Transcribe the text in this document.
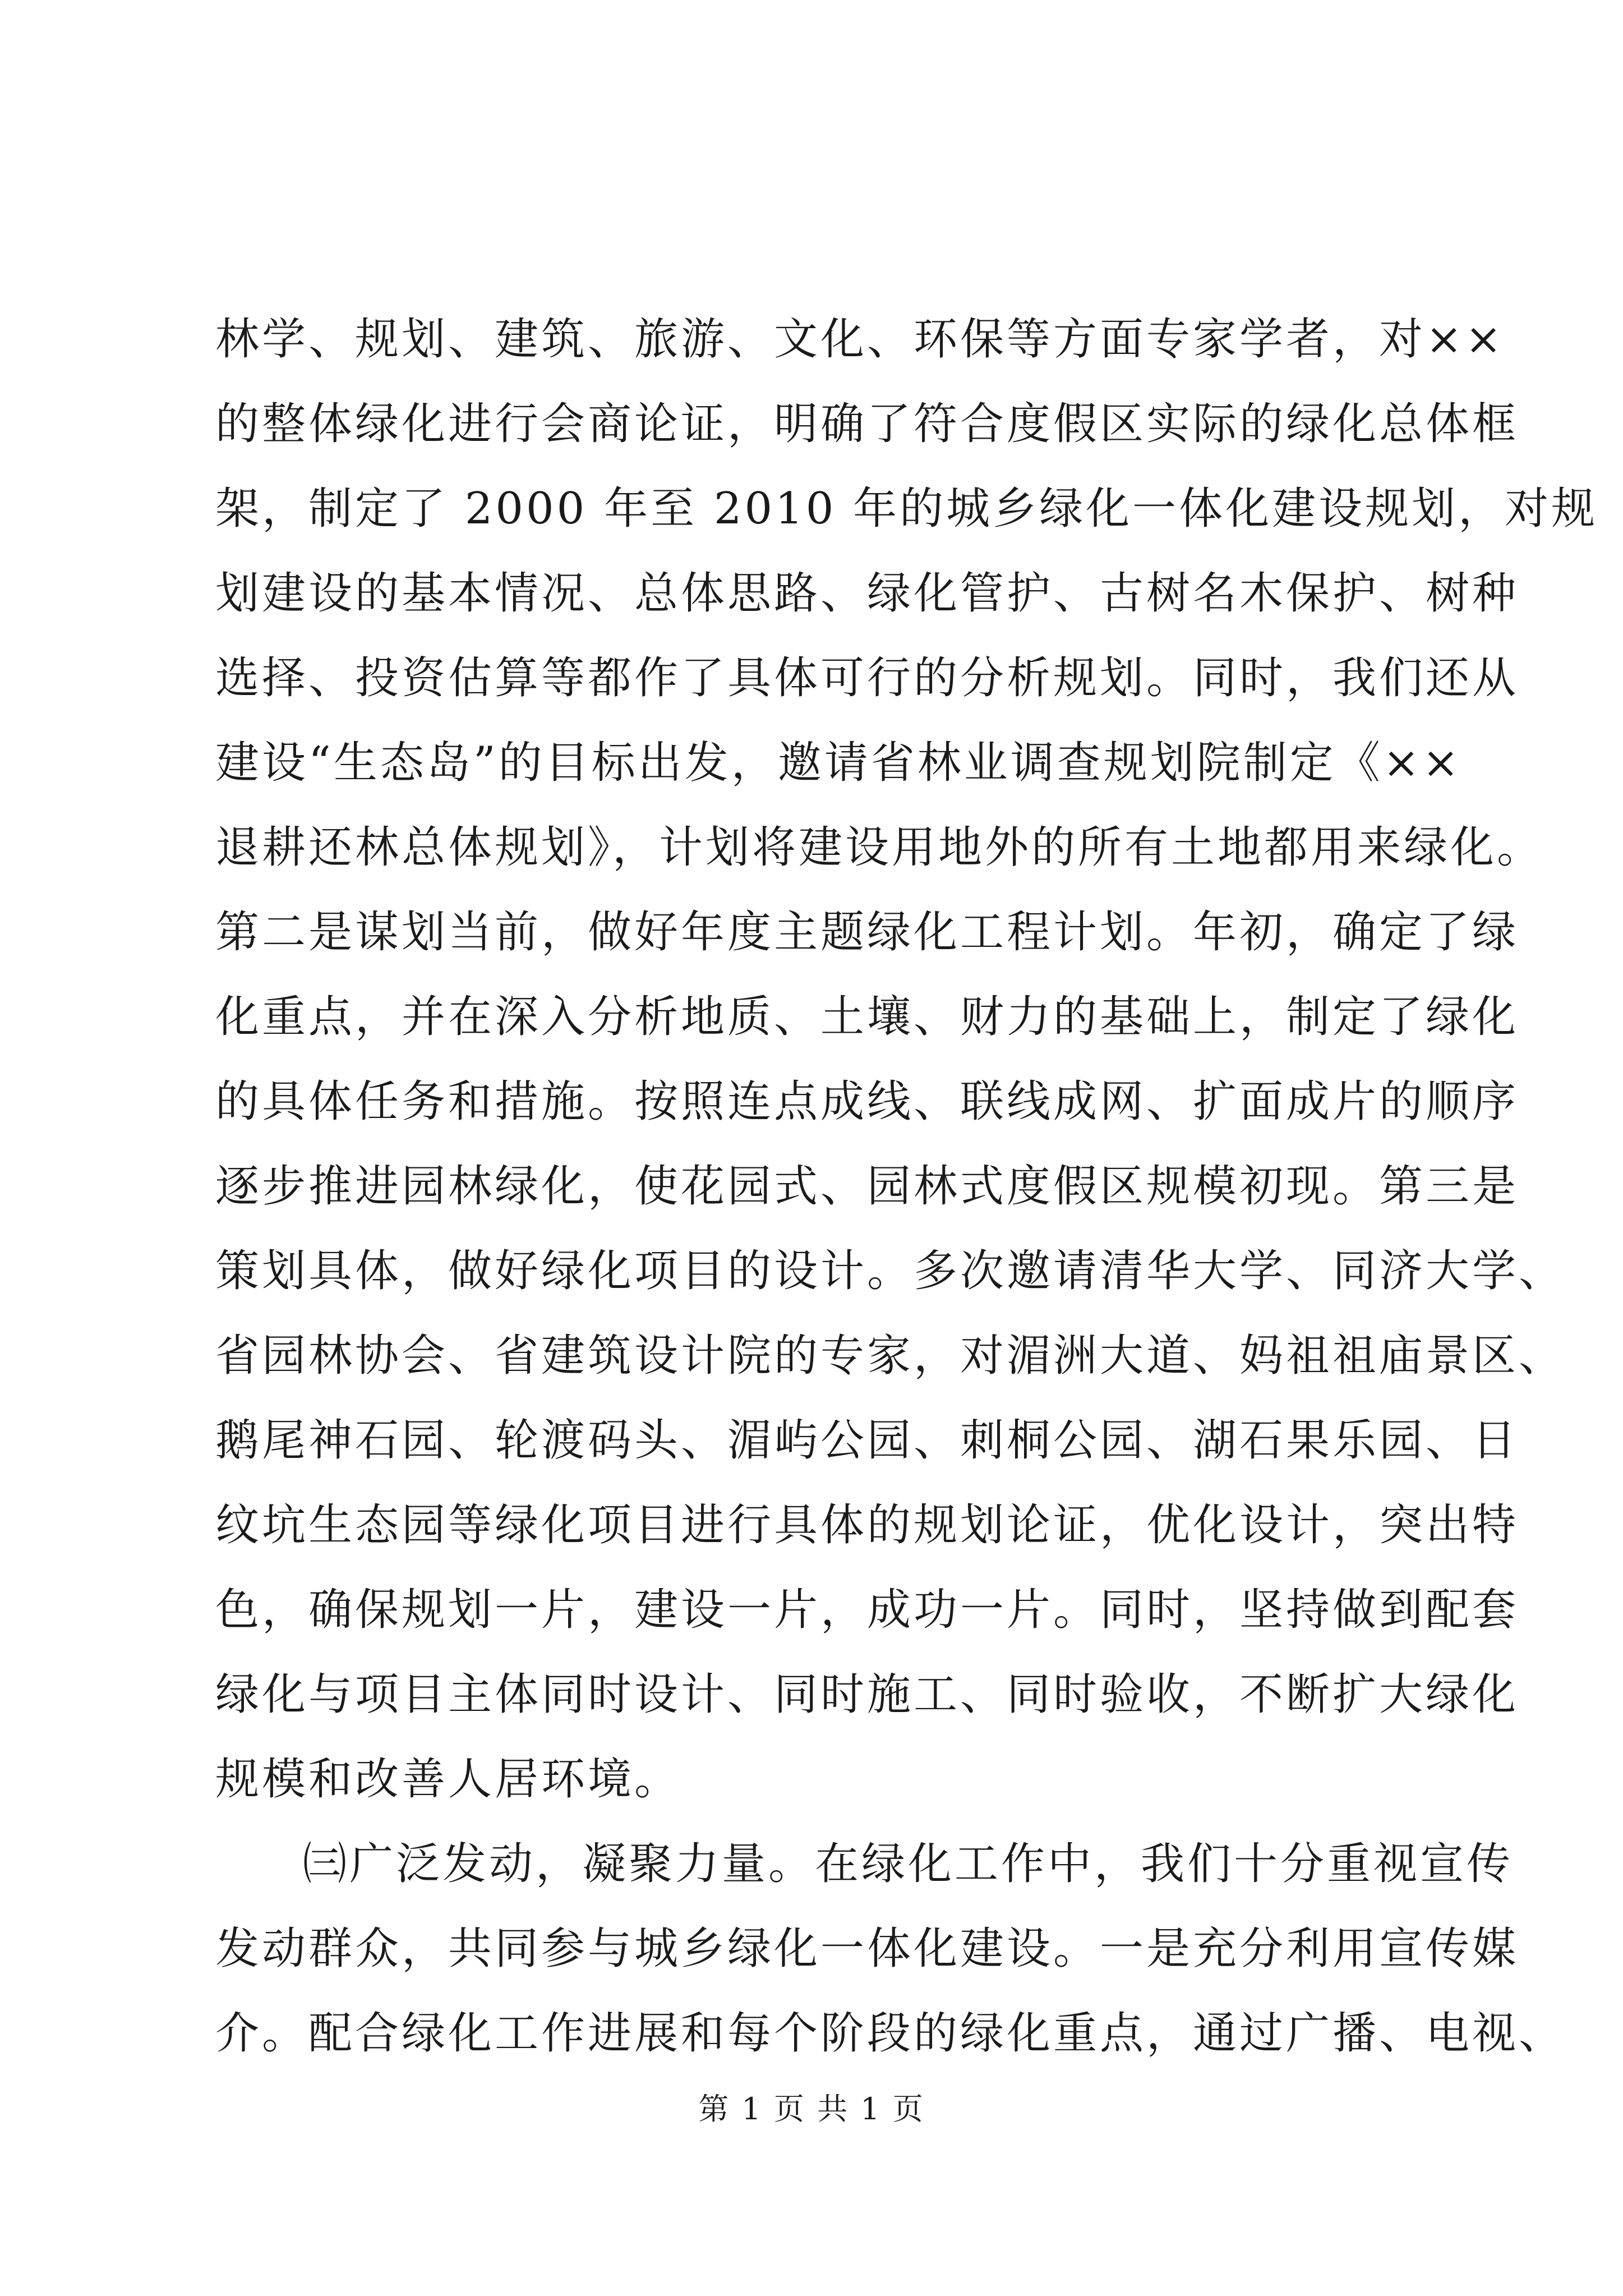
林学、规划、建筑、旅游、文化、环保等方面专家学者，对××
的整体绿化进行会商论证，明确了符合度假区实际的绿化总体框
架，制定了 2000 年至 2010 年的城乡绿化一体化建设规划，对规
划建设的基本情况、总体思路、绿化管护、古树名木保护、树种
选择、投资估算等都作了具体可行的分析规划。同时，我们还从
建设“生态岛”的目标出发，邀请省林业调查规划院制定《××
退耕还林总体规划》，计划将建设用地外的所有土地都用来绿化。
第二是谋划当前，做好年度主题绿化工程计划。年初，确定了绿
化重点，并在深入分析地质、土壤、财力的基础上，制定了绿化
的具体任务和措施。按照连点成线、联线成网、扩面成片的顺序
逐步推进园林绿化，使花园式、园林式度假区规模初现。第三是
策划具体，做好绿化项目的设计。多次邀请清华大学、同济大学、
省园林协会、省建筑设计院的专家，对湄洲大道、妈祖祖庙景区、
鹅尾神石园、轮渡码头、湄屿公园、刺桐公园、湖石果乐园、日
纹坑生态园等绿化项目进行具体的规划论证，优化设计，突出特
色，确保规划一片，建设一片，成功一片。同时，坚持做到配套
绿化与项目主体同时设计、同时施工、同时验收，不断扩大绿化
规模和改善人居环境。
㈢广泛发动，凝聚力量。在绿化工作中，我们十分重视宣传
发动群众，共同参与城乡绿化一体化建设。一是充分利用宣传媒
介。配合绿化工作进展和每个阶段的绿化重点，通过广播、电视、
第 1 页 共 1 页
